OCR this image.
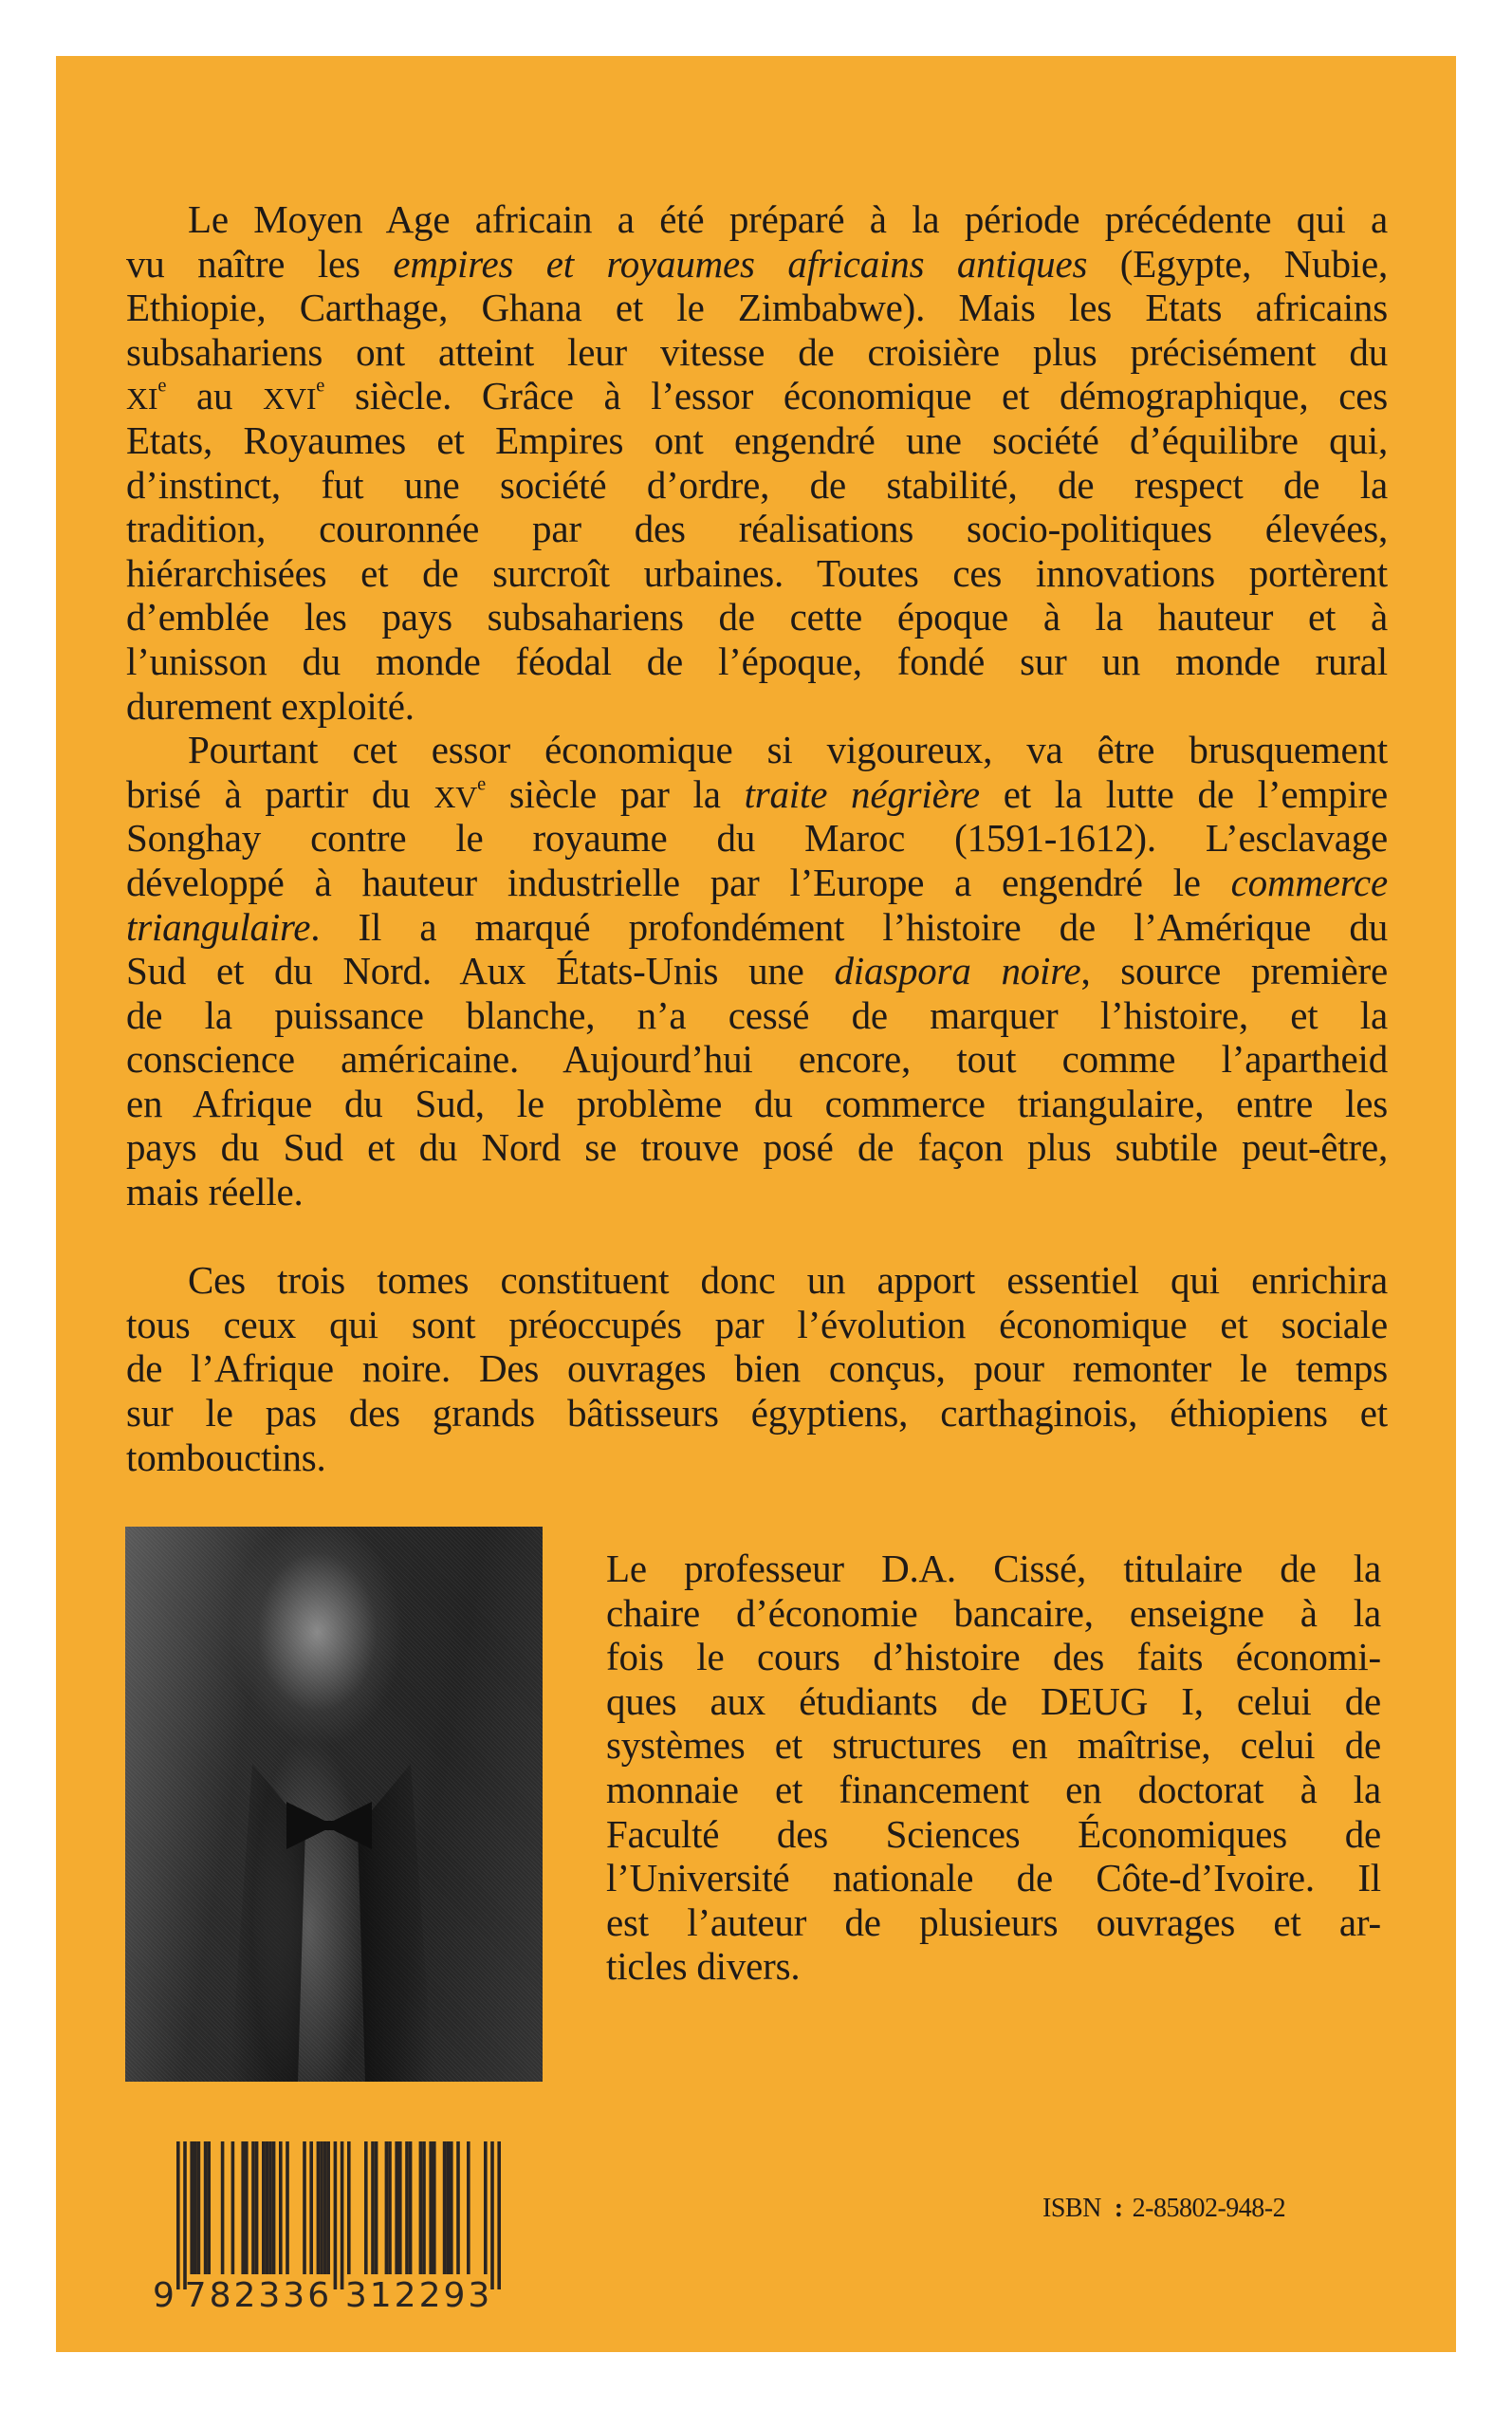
Le Moyen Age africain a été préparé à la période précédente qui a
vu naître les empires et royaumes africains antiques (Egypte, Nubie,
Ethiopie, Carthage, Ghana et le Zimbabwe). Mais les Etats africains
subsahariens ont atteint leur vitesse de croisière plus précisément du
XIe au XVIe siècle. Grâce à l’essor économique et démographique, ces
Etats, Royaumes et Empires ont engendré une société d’équilibre qui,
d’instinct, fut une société d’ordre, de stabilité, de respect de la
tradition, couronnée par des réalisations socio-politiques élevées,
hiérarchisées et de surcroît urbaines. Toutes ces innovations portèrent
d’emblée les pays subsahariens de cette époque à la hauteur et à
l’unisson du monde féodal de l’époque, fondé sur un monde rural
durement exploité.
Pourtant cet essor économique si vigoureux, va être brusquement
brisé à partir du XVe siècle par la traite négrière et la lutte de l’empire
Songhay contre le royaume du Maroc (1591-1612). L’esclavage
développé à hauteur industrielle par l’Europe a engendré le commerce
triangulaire. Il a marqué profondément l’histoire de l’Amérique du
Sud et du Nord. Aux États-Unis une diaspora noire, source première
de la puissance blanche, n’a cessé de marquer l’histoire, et la
conscience américaine. Aujourd’hui encore, tout comme l’apartheid
en Afrique du Sud, le problème du commerce triangulaire, entre les
pays du Sud et du Nord se trouve posé de façon plus subtile peut-être,
mais réelle.
Ces trois tomes constituent donc un apport essentiel qui enrichira
tous ceux qui sont préoccupés par l’évolution économique et sociale
de l’Afrique noire. Des ouvrages bien conçus, pour remonter le temps
sur le pas des grands bâtisseurs égyptiens, carthaginois, éthiopiens et
tombouctins.
Le professeur D.A. Cissé, titulaire de la
chaire d’économie bancaire, enseigne à la
fois le cours d’histoire des faits économi-
ques aux étudiants de DEUG I, celui de
systèmes et structures en maîtrise, celui de
monnaie et financement en doctorat à la
Faculté des Sciences Économiques de
l’Université nationale de Côte-d’Ivoire. Il
est l’auteur de plusieurs ouvrages et ar-
ticles divers.
9 782336 312293
ISBN : 2-85802-948-2
